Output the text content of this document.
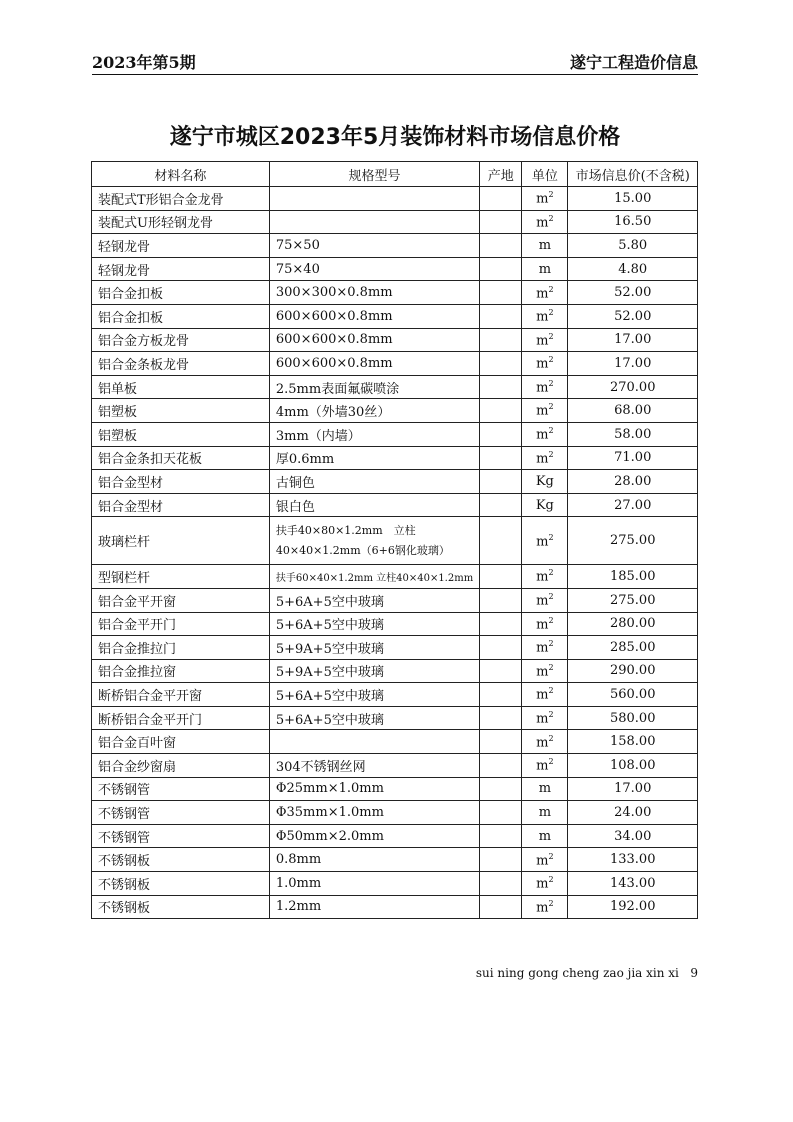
2023年第5期	遂宁工程造价信息
遂宁市城区2023年5月装饰材料市场信息价格
材料名称	规格型号	产地	单位	市场信息价(不含税)
装配式T形铝合金龙骨			$m^2$	15.00
装配式U形轻钢龙骨			$m^2$	16.50
轻钢龙骨	75×50		m	5.80
轻钢龙骨	75×40		m	4.80
铝合金扣板	300×300×0.8mm		$m^2$	52.00
铝合金扣板	600×600×0.8mm		$m^2$	52.00
铝合金方板龙骨	600×600×0.8mm		$m^2$	17.00
铝合金条板龙骨	600×600×0.8mm		$m^2$	17.00
铝单板	2.5mm表面氟碳喷涂		$m^2$	270.00
铝塑板	4mm（外墙30丝）		$m^2$	68.00
铝塑板	3mm（内墙）		$m^2$	58.00
铝合金条扣天花板	厚0.6mm		$m^2$	71.00
铝合金型材	古铜色		Kg	28.00
铝合金型材	银白色		Kg	27.00
玻璃栏杆	扶手40×80×1.2mm　立柱40×40×1.2mm（6+6钢化玻璃）		$m^2$	275.00
型钢栏杆	扶手60×40×1.2mm 立柱40×40×1.2mm		$m^2$	185.00
铝合金平开窗	5+6A+5空中玻璃		$m^2$	275.00
铝合金平开门	5+6A+5空中玻璃		$m^2$	280.00
铝合金推拉门	5+9A+5空中玻璃		$m^2$	285.00
铝合金推拉窗	5+9A+5空中玻璃		$m^2$	290.00
断桥铝合金平开窗	5+6A+5空中玻璃		$m^2$	560.00
断桥铝合金平开门	5+6A+5空中玻璃		$m^2$	580.00
铝合金百叶窗			$m^2$	158.00
铝合金纱窗扇	304不锈钢丝网		$m^2$	108.00
不锈钢管	Φ25mm×1.0mm		m	17.00
不锈钢管	Φ35mm×1.0mm		m	24.00
不锈钢管	Φ50mm×2.0mm		m	34.00
不锈钢板	0.8mm		$m^2$	133.00
不锈钢板	1.0mm		$m^2$	143.00
不锈钢板	1.2mm		$m^2$	192.00
sui ning gong cheng zao jia xin xi 9
